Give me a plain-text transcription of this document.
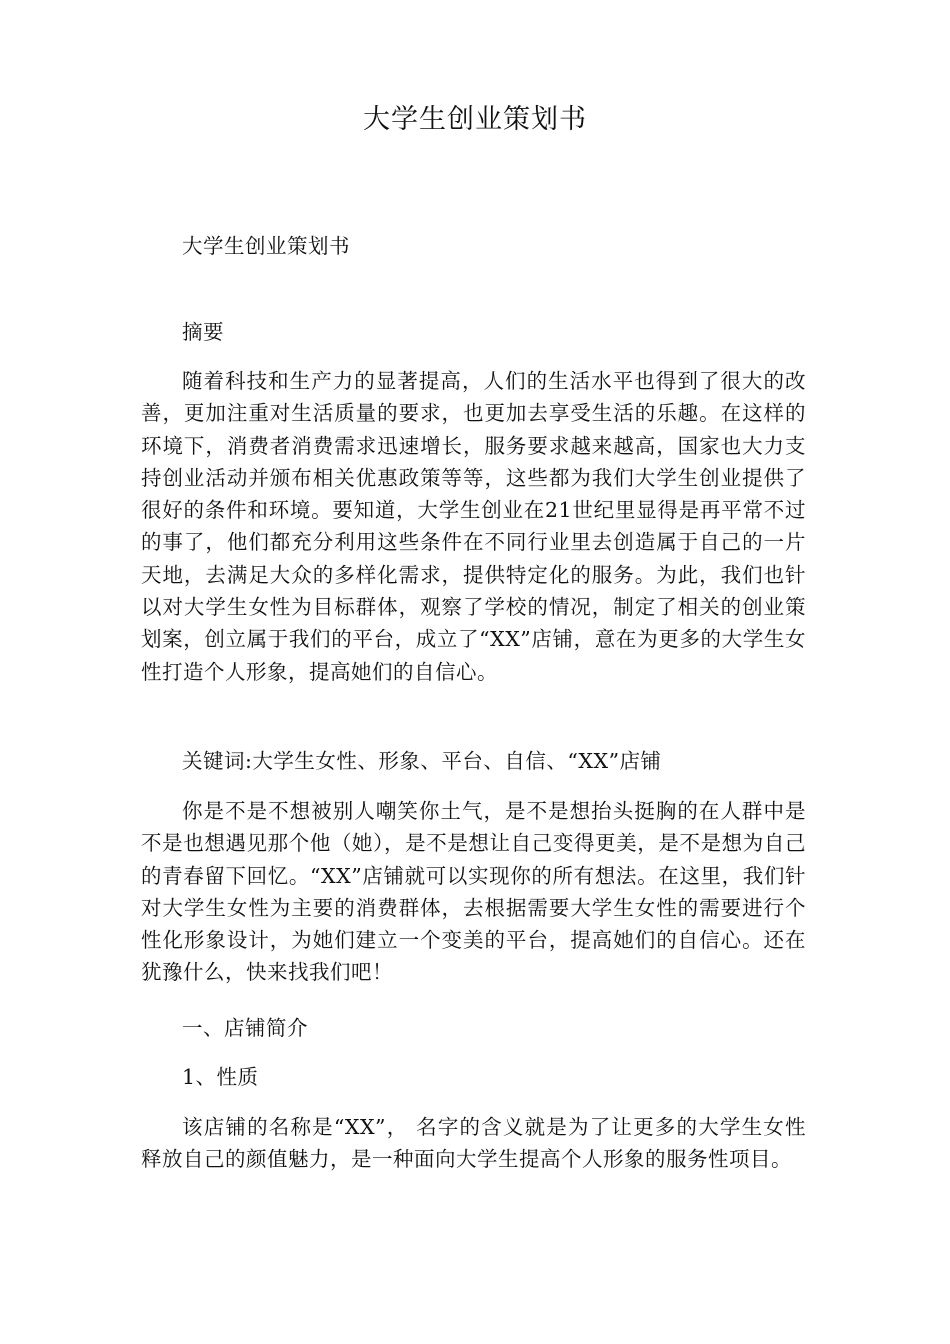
大学生创业策划书

大学生创业策划书

摘要

随着科技和生产力的显著提高，人们的生活水平也得到了很大的改善，更加注重对生活质量的要求，也更加去享受生活的乐趣。在这样的环境下，消费者消费需求迅速增长，服务要求越来越高，国家也大力支持创业活动并颁布相关优惠政策等等，这些都为我们大学生创业提供了很好的条件和环境。要知道，大学生创业在21世纪里显得是再平常不过的事了，他们都充分利用这些条件在不同行业里去创造属于自己的一片天地，去满足大众的多样化需求，提供特定化的服务。为此，我们也针以对大学生女性为目标群体，观察了学校的情况，制定了相关的创业策划案，创立属于我们的平台，成立了“XX”店铺，意在为更多的大学生女性打造个人形象，提高她们的自信心。

关键词:大学生女性、形象、平台、自信、“XX”店铺

你是不是不想被别人嘲笑你土气，是不是想抬头挺胸的在人群中是不是也想遇见那个他（她），是不是想让自己变得更美，是不是想为自己的青春留下回忆。“XX”店铺就可以实现你的所有想法。在这里，我们针对大学生女性为主要的消费群体，去根据需要大学生女性的需要进行个性化形象设计，为她们建立一个变美的平台，提高她们的自信心。还在犹豫什么，快来找我们吧！

一、店铺简介

1、性质

该店铺的名称是“XX”， 名字的含义就是为了让更多的大学生女性释放自己的颜值魅力，是一种面向大学生提高个人形象的服务性项目。
